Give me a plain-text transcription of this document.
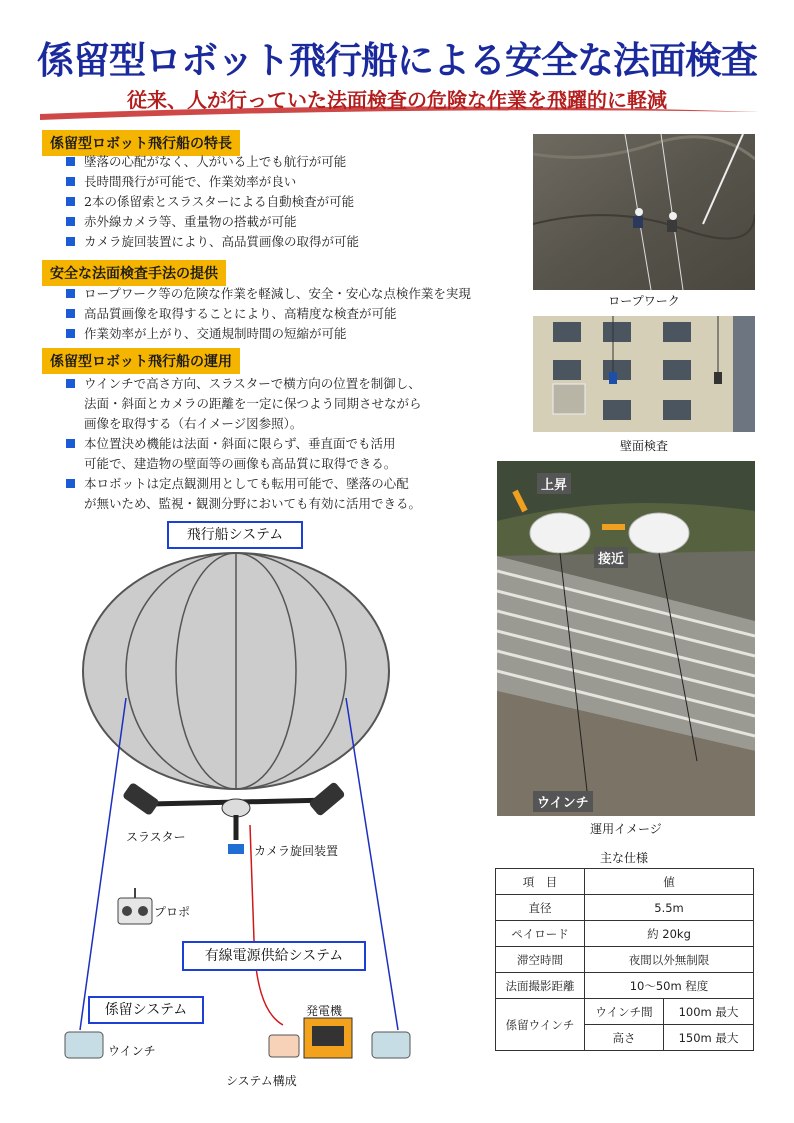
係留型ロボット飛行船による安全な法面検査
従来、人が行っていた法面検査の危険な作業を飛躍的に軽減
係留型ロボット飛行船の特長
墜落の心配がなく、人がいる上でも航行が可能
長時間飛行が可能で、作業効率が良い
2本の係留索とスラスターによる自動検査が可能
赤外線カメラ等、重量物の搭載が可能
カメラ旋回装置により、高品質画像の取得が可能
安全な法面検査手法の提供
ロープワーク等の危険な作業を軽減し、安全・安心な点検作業を実現
高品質画像を取得することにより、高精度な検査が可能
作業効率が上がり、交通規制時間の短縮が可能
係留型ロボット飛行船の運用
ウインチで高さ方向、スラスターで横方向の位置を制御し、
法面・斜面とカメラの距離を一定に保つよう同期させながら
画像を取得する（右イメージ図参照）。
本位置決め機能は法面・斜面に限らず、垂直面でも活用
可能で、建造物の壁面等の画像も高品質に取得できる。
本ロボットは定点観測用としても転用可能で、墜落の心配
が無いため、監視・観測分野においても有効に活用できる。
ロープワーク
壁面検査
上昇
接近
ウインチ
運用イメージ
飛行船システム
スラスター
カメラ旋回装置
プロポ
有線電源供給システム
係留システム	発電機
ウインチ
システム構成
主な仕様
項　目	値	
直径	5.5m	
ペイロード	約 20kg	
滞空時間	夜間以外無制限	
法面撮影距離	10～50m 程度	
係留ウインチ	ウインチ間	100m 最大
	高さ	150m 最大
